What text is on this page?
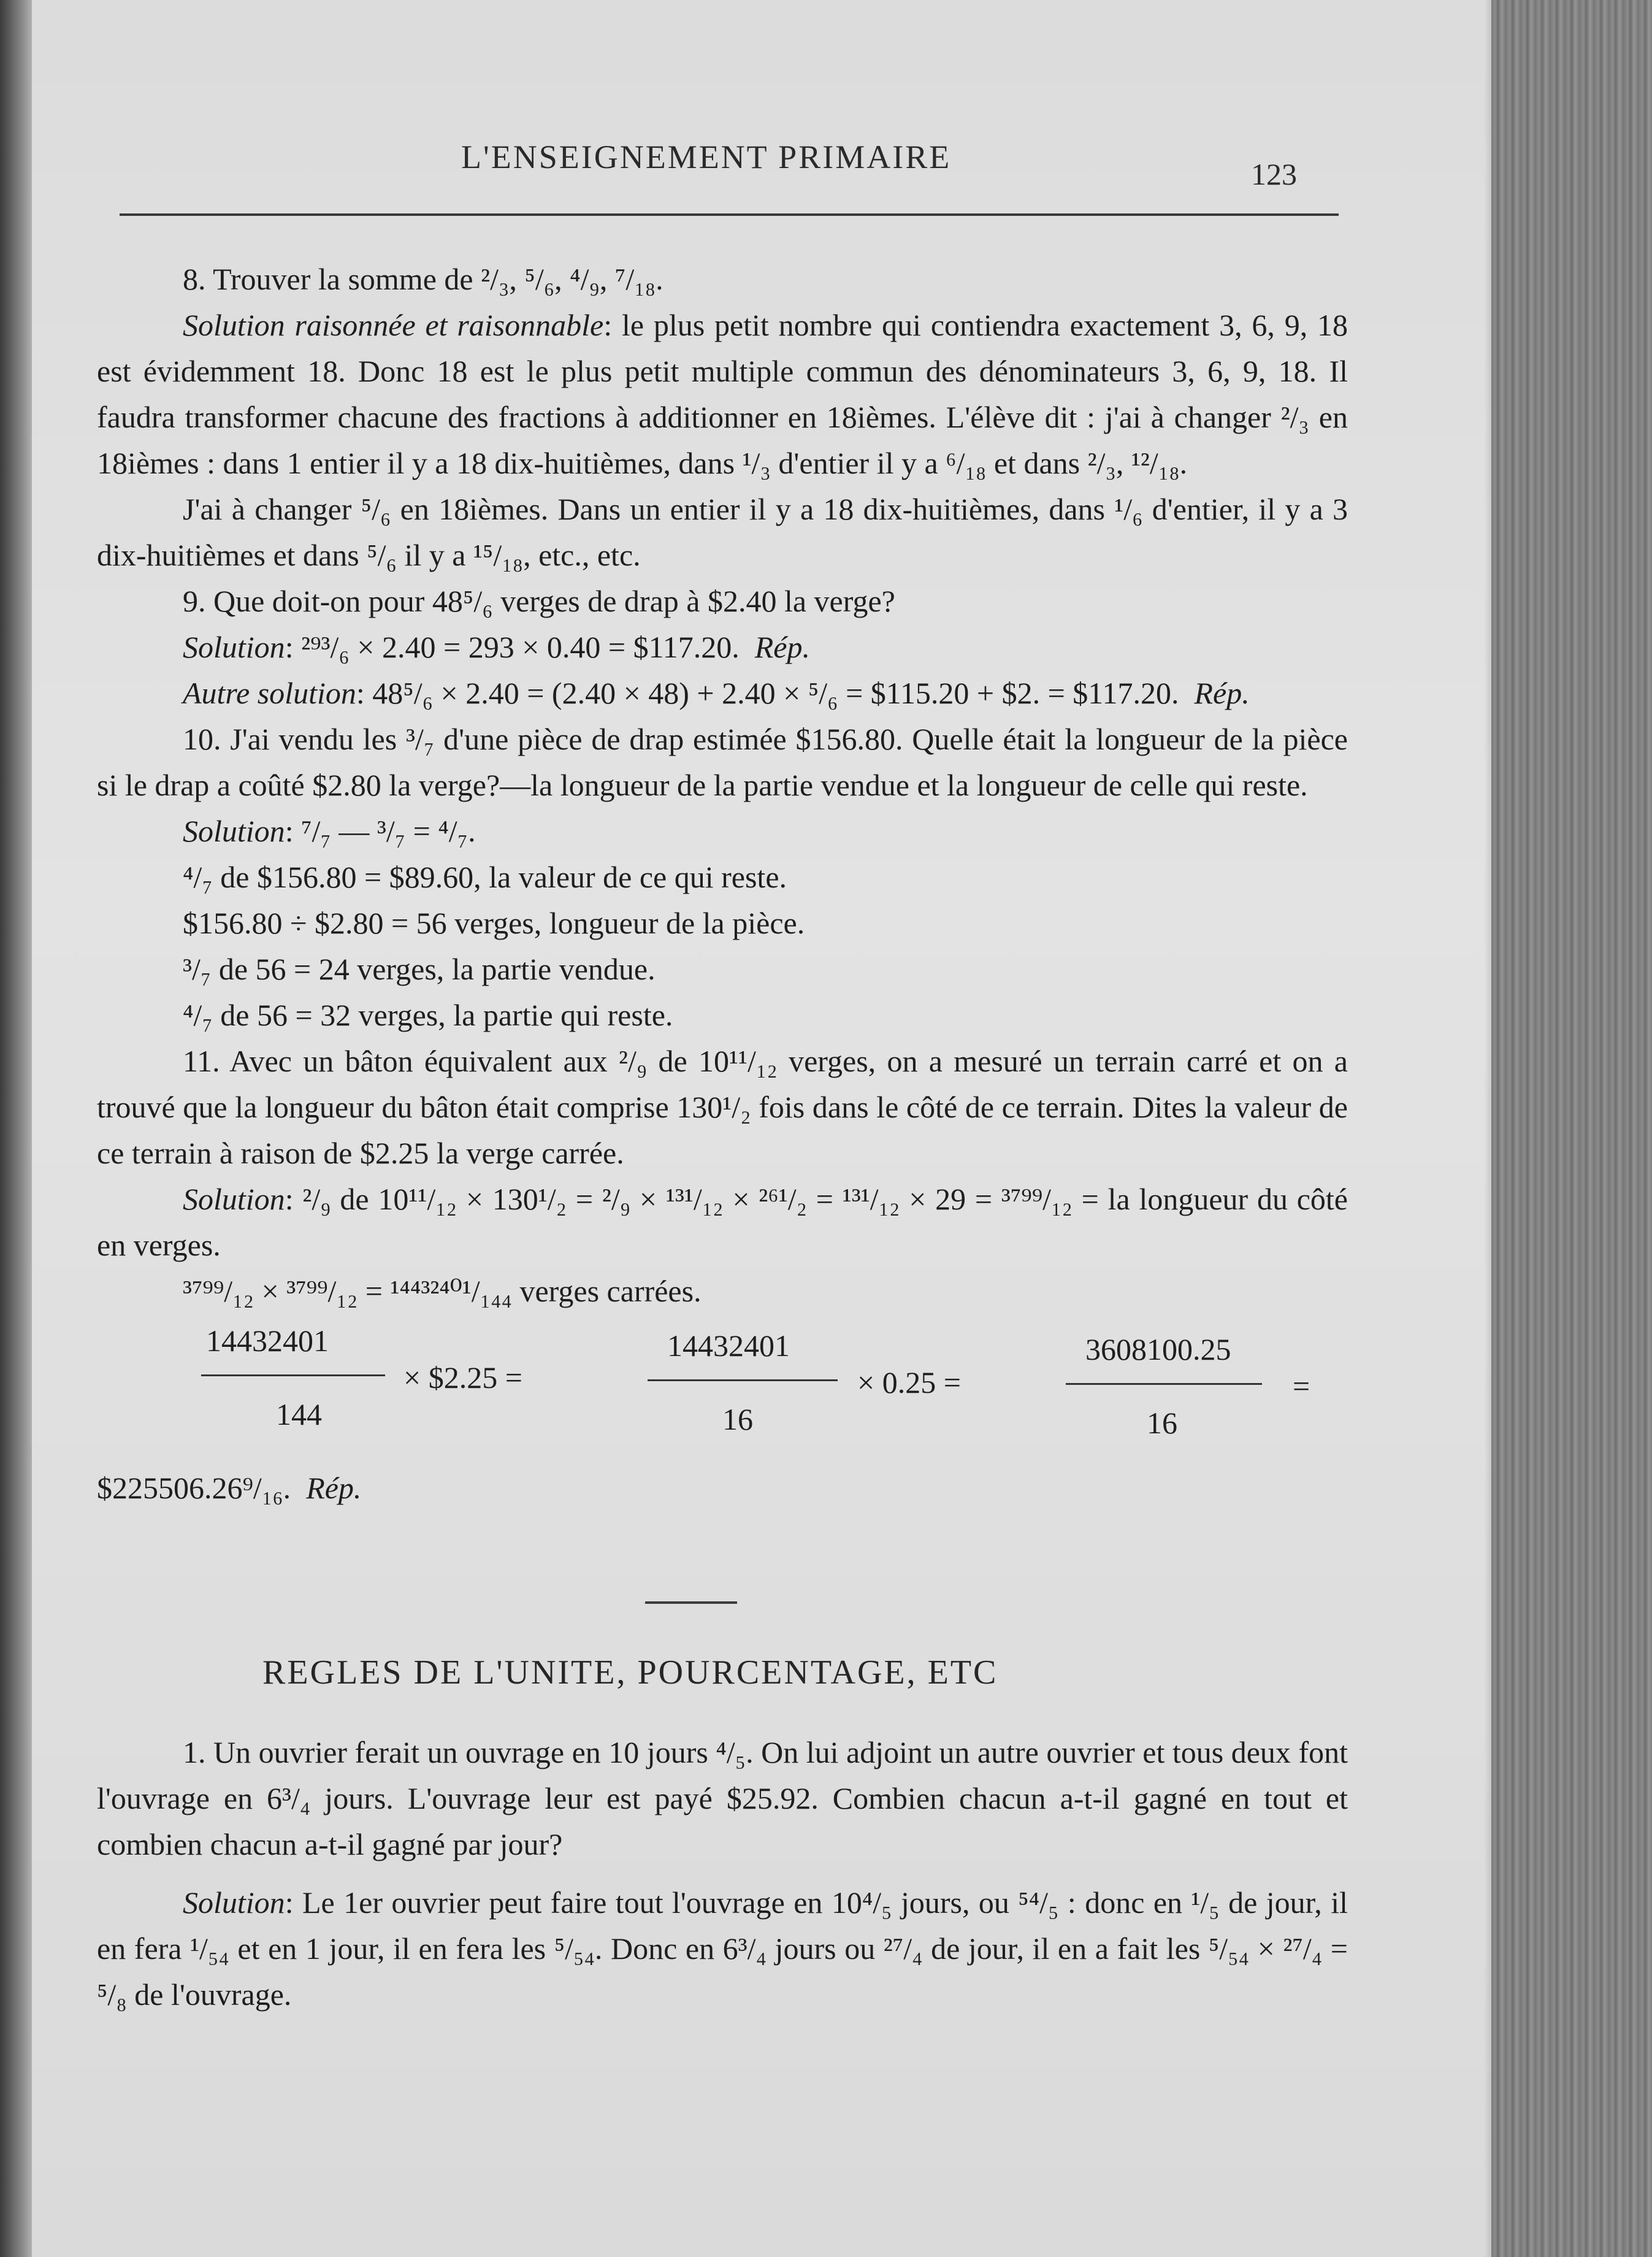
L'ENSEIGNEMENT PRIMAIRE	123

8. Trouver la somme de ²/₃, ⁵/₆, ⁴/₉, ⁷/₁₈.

Solution raisonnée et raisonnable: le plus petit nombre qui contiendra exactement 3, 6, 9, 18 est évidemment 18. Donc 18 est le plus petit multiple commun des dénominateurs 3, 6, 9, 18. Il faudra transformer chacune des fractions à additionner en 18ièmes. L'élève dit : j'ai à changer ²/₃ en 18ièmes : dans 1 entier il y a 18 dix-huitièmes, dans ¹/₃ d'entier il y a ⁶/₁₈ et dans ²/₃, ¹²/₁₈.

J'ai à changer ⁵/₆ en 18ièmes. Dans un entier il y a 18 dix-huitièmes, dans ¹/₆ d'entier, il y a 3 dix-huitièmes et dans ⁵/₆ il y a ¹⁵/₁₈, etc., etc.

9. Que doit-on pour 48⁵/₆ verges de drap à $2.40 la verge?

Solution: ²⁹³/₆ × 2.40 = 293 × 0.40 = $117.20. Rép.

Autre solution: 48⁵/₆ × 2.40 = (2.40 × 48) + 2.40 × ⁵/₆ = $115.20 + $2. = $117.20. Rép.

10. J'ai vendu les ³/₇ d'une pièce de drap estimée $156.80. Quelle était la longueur de la pièce si le drap a coûté $2.80 la verge?—la longueur de la partie vendue et la longueur de celle qui reste.

Solution: ⁷/₇ — ³/₇ = ⁴/₇.

⁴/₇ de $156.80 = $89.60, la valeur de ce qui reste.

$156.80 ÷ $2.80 = 56 verges, longueur de la pièce.

³/₇ de 56 = 24 verges, la partie vendue.

⁴/₇ de 56 = 32 verges, la partie qui reste.

11. Avec un bâton équivalent aux ²/₉ de 10¹¹/₁₂ verges, on a mesuré un terrain carré et on a trouvé que la longueur du bâton était comprise 130¹/₂ fois dans le côté de ce terrain. Dites la valeur de ce terrain à raison de $2.25 la verge carrée.

Solution: ²/₉ de 10¹¹/₁₂ × 130¹/₂ = ²/₉ × ¹³¹/₁₂ × ²⁶¹/₂ = ¹³¹/₁₂ × 29 = ³⁷⁹⁹/₁₂ = la longueur du côté en verges.

³⁷⁹⁹/₁₂ × ³⁷⁹⁹/₁₂ = ¹⁴⁴³²⁴⁰¹/₁₄₄ verges carrées.

14432401
144
× $2.25 =
14432401
16
× 0.25 =
3608100.25
16
=

$225506.26⁹/₁₆. Rép.

REGLES DE L'UNITE, POURCENTAGE, ETC

1. Un ouvrier ferait un ouvrage en 10 jours ⁴/₅. On lui adjoint un autre ouvrier et tous deux font l'ouvrage en 6³/₄ jours. L'ouvrage leur est payé $25.92. Combien chacun a-t-il gagné en tout et combien chacun a-t-il gagné par jour?

Solution: Le 1er ouvrier peut faire tout l'ouvrage en 10⁴/₅ jours, ou ⁵⁴/₅ : donc en ¹/₅ de jour, il en fera ¹/₅₄ et en 1 jour, il en fera les ⁵/₅₄. Donc en 6³/₄ jours ou ²⁷/₄ de jour, il en a fait les ⁵/₅₄ × ²⁷/₄ = ⁵/₈ de l'ouvrage.
